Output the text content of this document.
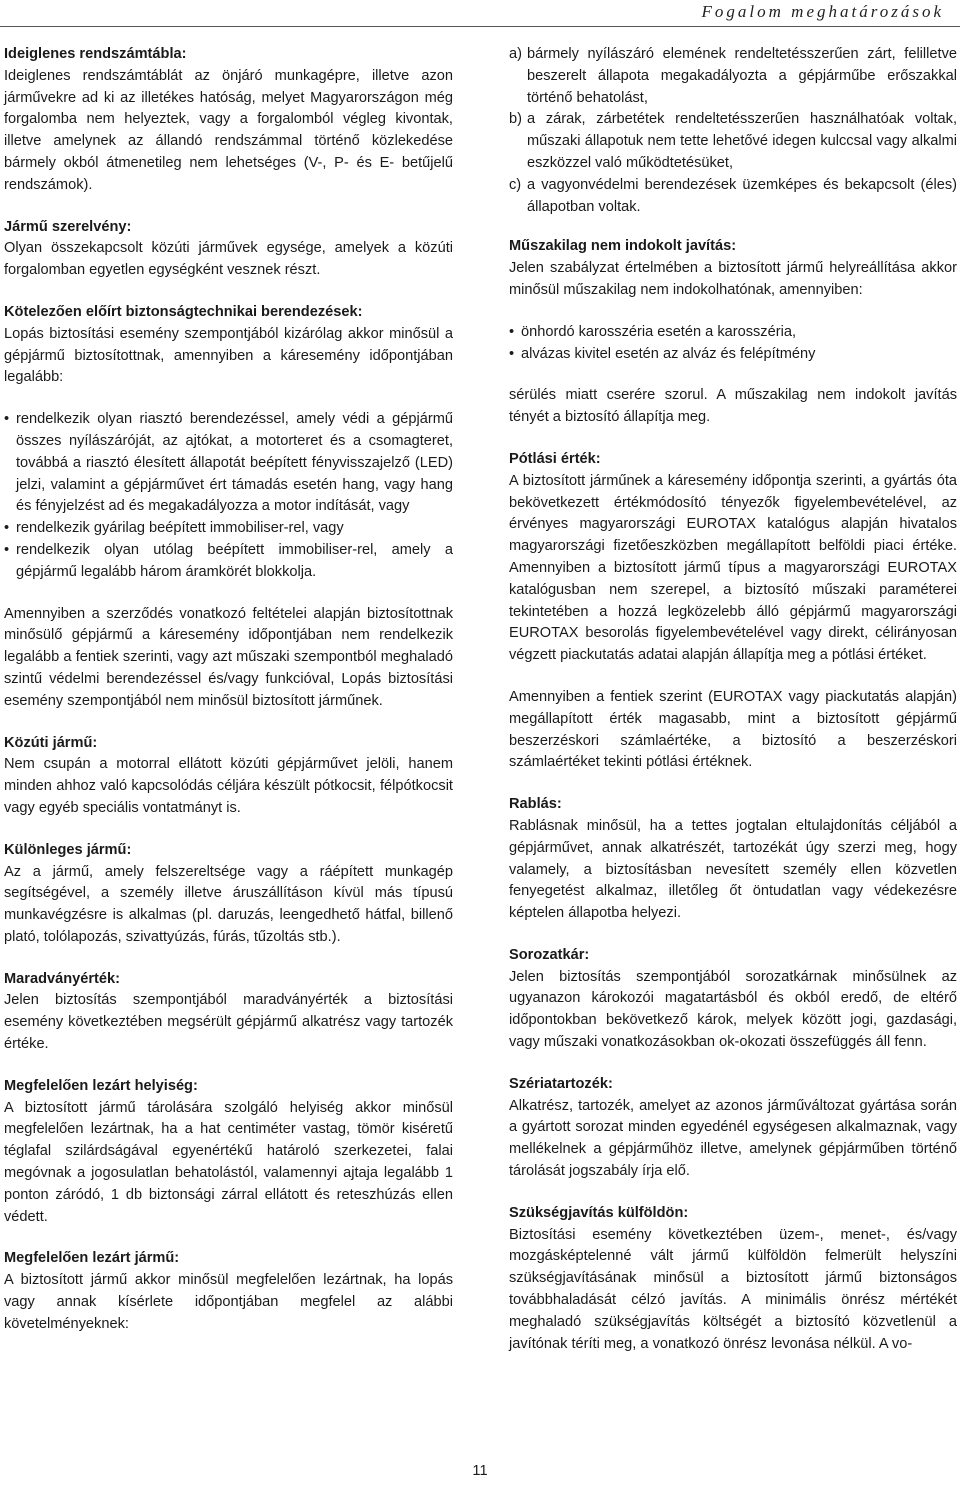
Fogalom meghatározások
Ideiglenes rendszámtábla:

Ideiglenes rendszámtáblát az önjáró munkagépre, illetve azon járművekre ad ki az illetékes hatóság, melyet Magyarországon még forgalomba nem helyeztek, vagy a forgalomból végleg kivontak, illetve amelynek az állandó rendszámmal történő közlekedése bármely okból átmenetileg nem lehetséges (V-, P- és E- betűjelű rendszámok).

Jármű szerelvény:

Olyan összekapcsolt közúti járművek egysége, amelyek a közúti forgalomban egyetlen egységként vesznek részt.

Kötelezően előírt biztonságtechnikai berendezések:

Lopás biztosítási esemény szempontjából kizárólag akkor minősül a gépjármű biztosítottnak, amennyiben a káresemény időpontjában legalább:

• rendelkezik olyan riasztó berendezéssel, amely védi a gépjármű összes nyílászáróját, az ajtókat, a motorteret és a csomagteret, továbbá a riasztó élesített állapotát beépített fényvisszajelző (LED) jelzi, valamint a gépjárművet ért támadás esetén hang, vagy hang és fényjelzést ad és megakadályozza a motor indítását, vagy
• rendelkezik gyárilag beépített immobiliser-rel, vagy
• rendelkezik olyan utólag beépített immobiliser-rel, amely a gépjármű legalább három áramkörét blokkolja.

Amennyiben a szerződés vonatkozó feltételei alapján biztosítottnak minősülő gépjármű a káresemény időpontjában nem rendelkezik legalább a fentiek szerinti, vagy azt műszaki szempontból meghaladó szintű védelmi berendezéssel és/vagy funkcióval, Lopás biztosítási esemény szempontjából nem minősül biztosított járműnek.

Közúti jármű:

Nem csupán a motorral ellátott közúti gépjárművet jelöli, hanem minden ahhoz való kapcsolódás céljára készült pótkocsit, félpótkocsit vagy egyéb speciális vontatmányt is.

Különleges jármű:

Az a jármű, amely felszereltsége vagy a ráépített munkagép segítségével, a személy illetve áruszállításon kívül más típusú munkavégzésre is alkalmas (pl. daruzás, leengedhető hátfal, billenő plató, tolólapozás, szivattyúzás, fúrás, tűzoltás stb.).

Maradványérték:

Jelen biztosítás szempontjából maradványérték a biztosítási esemény következtében megsérült gépjármű alkatrész vagy tartozék értéke.

Megfelelően lezárt helyiség:

A biztosított jármű tárolására szolgáló helyiség akkor minősül megfelelően lezártnak, ha a hat centiméter vastag, tömör kiséretű téglafal szilárdságával egyenértékű határoló szerkezetei, falai megóvnak a jogosulatlan behatolástól, valamennyi ajtaja legalább 1 ponton záródó, 1 db biztonsági zárral ellátott és reteszhúzás ellen védett.

Megfelelően lezárt jármű:

A biztosított jármű akkor minősül megfelelően lezártnak, ha lopás vagy annak kísérlete időpontjában megfelel az alábbi követelményeknek:

a) bármely nyílászáró elemének rendeltetésszerűen zárt, felilletve beszerelt állapota megakadályozta a gépjárműbe erőszakkal történő behatolást,
b) a zárak, zárbetétek rendeltetésszerűen használhatóak voltak, műszaki állapotuk nem tette lehetővé idegen kulccsal vagy alkalmi eszközzel való működtetésüket,
c) a vagyonvédelmi berendezések üzemképes és bekapcsolt (éles) állapotban voltak.
Műszakilag nem indokolt javítás:

Jelen szabályzat értelmében a biztosított jármű helyreállítása akkor minősül műszakilag nem indokolhatónak, amennyiben:

• önhordó karosszéria esetén a karosszéria,
• alvázas kivitel esetén az alváz és felépítmény

sérülés miatt cserére szorul. A műszakilag nem indokolt javítás tényét a biztosító állapítja meg.

Pótlási érték:

A biztosított járműnek a káresemény időpontja szerinti, a gyártás óta bekövetkezett értékmódosító tényezők figyelembevételével, az érvényes magyarországi EUROTAX katalógus alapján hivatalos magyarországi fizetőeszközben megállapított belföldi piaci értéke. Amennyiben a biztosított jármű típus a magyarországi EUROTAX katalógusban nem szerepel, a biztosító műszaki paraméterei tekintetében a hozzá legközelebb álló gépjármű magyarországi EUROTAX besorolás figyelembevételével vagy direkt, célirányosan végzett piackutatás adatai alapján állapítja meg a pótlási értéket.

Amennyiben a fentiek szerint (EUROTAX vagy piackutatás alapján) megállapított érték magasabb, mint a biztosított gépjármű beszerzéskori számlaértéke, a biztosító a beszerzéskori számlaértéket tekinti pótlási értéknek.

Rablás:

Rablásnak minősül, ha a tettes jogtalan eltulajdonítás céljából a gépjárművet, annak alkatrészét, tartozékát úgy szerzi meg, hogy valamely, a biztosításban nevesített személy ellen közvetlen fenyegetést alkalmaz, illetőleg őt öntudatlan vagy védekezésre képtelen állapotba helyezi.

Sorozatkár:

Jelen biztosítás szempontjából sorozatkárnak minősülnek az ugyanazon károkozói magatartásból és okból eredő, de eltérő időpontokban bekövetkező károk, melyek között jogi, gazdasági, vagy műszaki vonatkozásokban ok-okozati összefüggés áll fenn.

Szériatartozék:

Alkatrész, tartozék, amelyet az azonos járműváltozat gyártása során a gyártott sorozat minden egyedénél egységesen alkalmaznak, vagy mellékelnek a gépjárműhöz illetve, amelynek gépjárműben történő tárolását jogszabály írja elő.

Szükségjavítás külföldön:

Biztosítási esemény következtében üzem-, menet-, és/vagy mozgásképtelenné vált jármű külföldön felmerült helyszíni szükségjavításának minősül a biztosított jármű biztonságos továbbhaladását célzó javítás. A minimális önrész mértékét meghaladó szükségjavítás költségét a biztosító közvetlenül a javítónak téríti meg, a vonatkozó önrész levonása nélkül. A vo-

11
